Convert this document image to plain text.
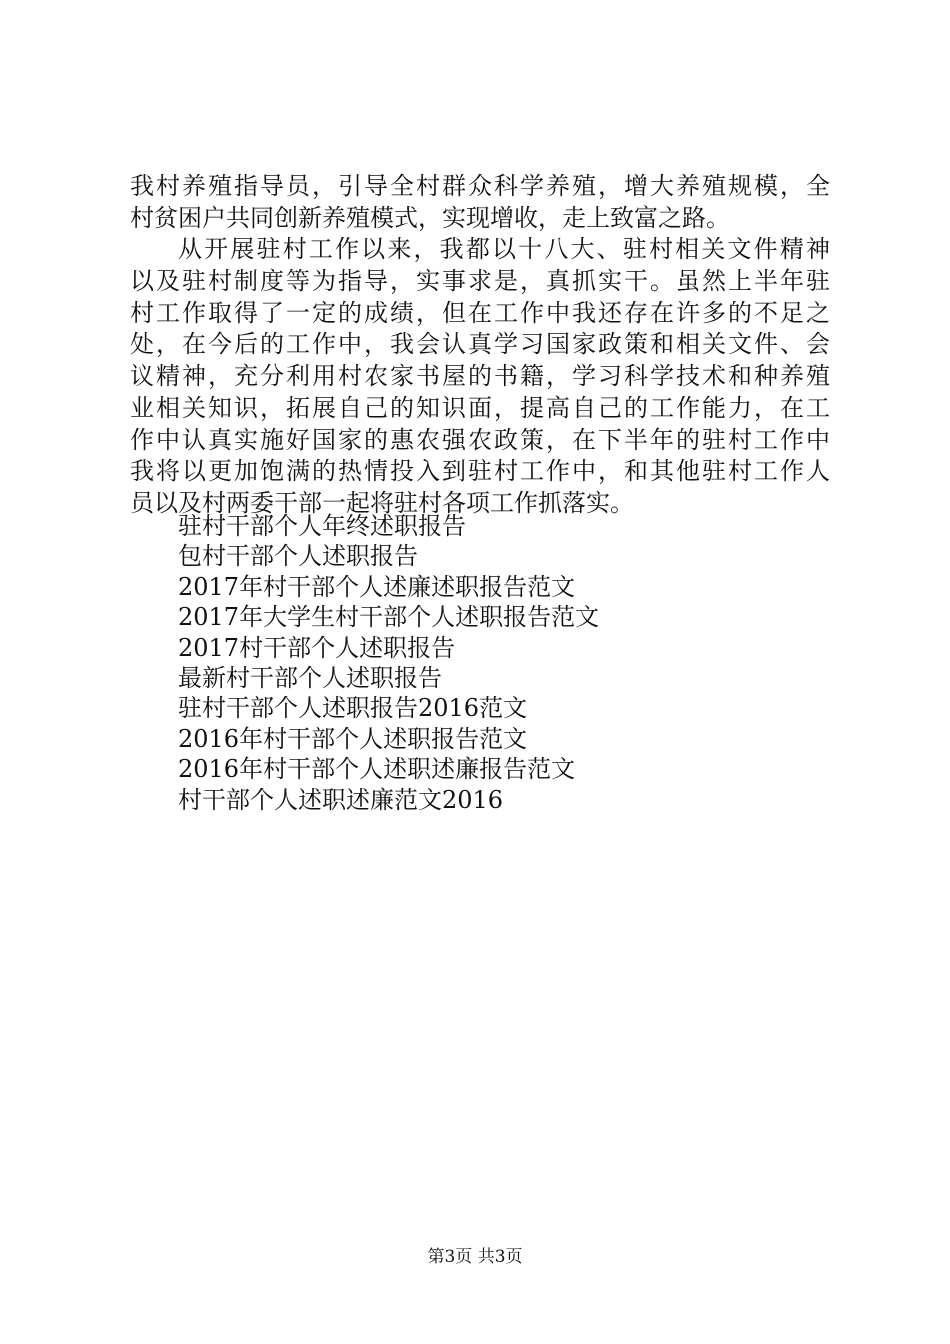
我村养殖指导员，引导全村群众科学养殖，增大养殖规模，全
村贫困户共同创新养殖模式，实现增收，走上致富之路。
从开展驻村工作以来，我都以十八大、驻村相关文件精神
以及驻村制度等为指导，实事求是，真抓实干。虽然上半年驻
村工作取得了一定的成绩，但在工作中我还存在许多的不足之
处，在今后的工作中，我会认真学习国家政策和相关文件、会
议精神，充分利用村农家书屋的书籍，学习科学技术和种养殖
业相关知识，拓展自己的知识面，提高自己的工作能力，在工
作中认真实施好国家的惠农强农政策，在下半年的驻村工作中
我将以更加饱满的热情投入到驻村工作中，和其他驻村工作人
员以及村两委干部一起将驻村各项工作抓落实。
驻村干部个人年终述职报告
包村干部个人述职报告
2017年村干部个人述廉述职报告范文
2017年大学生村干部个人述职报告范文
2017村干部个人述职报告
最新村干部个人述职报告
驻村干部个人述职报告2016范文
2016年村干部个人述职报告范文
2016年村干部个人述职述廉报告范文
村干部个人述职述廉范文2016
第3页 共3页
